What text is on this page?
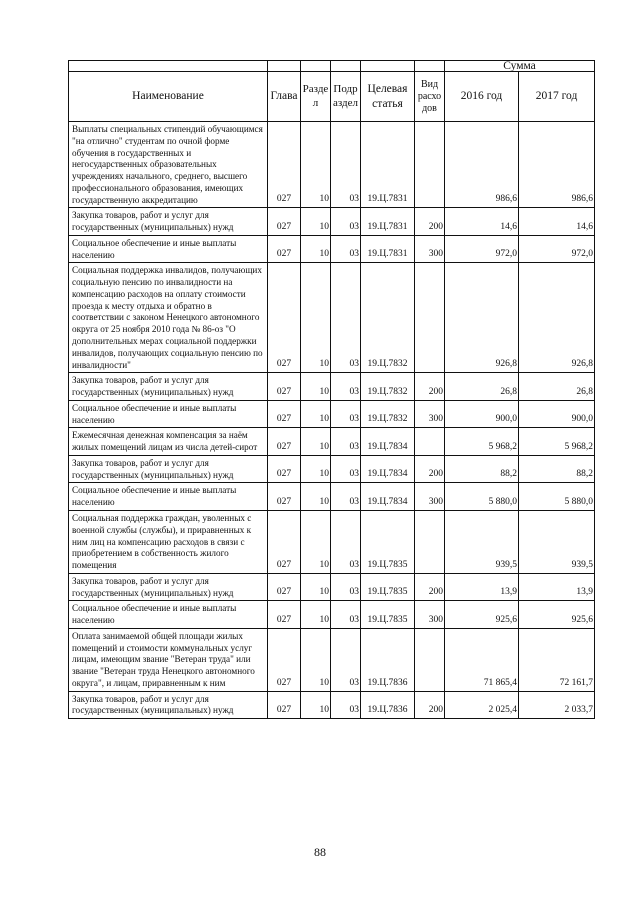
						Сумма	
Наименование	Глава	Разде л	Подр аздел	Целевая статья	Вид расхо дов	2016 год	2017 год
Выплаты специальных стипендий обучающимся "на отлично" студентам по очной форме обучения в государственных и негосударственных образовательных учреждениях начального, среднего, высшего профессионального образования, имеющих государственную аккредитацию	027	10	03	19.Ц.7831		986,6	986,6
Закупка товаров, работ и услуг для государственных (муниципальных) нужд	027	10	03	19.Ц.7831	200	14,6	14,6
Социальное обеспечение и иные выплаты населению	027	10	03	19.Ц.7831	300	972,0	972,0
Социальная поддержка инвалидов, получающих социальную пенсию по инвалидности на компенсацию расходов на оплату стоимости проезда к месту отдыха и обратно в соответствии с законом Ненецкого автономного округа от 25 ноября 2010 года № 86-оз "О дополнительных мерах социальной поддержки инвалидов, получающих социальную пенсию по инвалидности"	027	10	03	19.Ц.7832		926,8	926,8
Закупка товаров, работ и услуг для государственных (муниципальных) нужд	027	10	03	19.Ц.7832	200	26,8	26,8
Социальное обеспечение и иные выплаты населению	027	10	03	19.Ц.7832	300	900,0	900,0
Ежемесячная денежная компенсация за наём жилых помещений лицам из числа детей-сирот	027	10	03	19.Ц.7834		5 968,2	5 968,2
Закупка товаров, работ и услуг для государственных (муниципальных) нужд	027	10	03	19.Ц.7834	200	88,2	88,2
Социальное обеспечение и иные выплаты населению	027	10	03	19.Ц.7834	300	5 880,0	5 880,0
Социальная поддержка граждан, уволенных с военной службы (службы), и приравненных к ним лиц на компенсацию расходов в связи с приобретением в собственность жилого помещения	027	10	03	19.Ц.7835		939,5	939,5
Закупка товаров, работ и услуг для государственных (муниципальных) нужд	027	10	03	19.Ц.7835	200	13,9	13,9
Социальное обеспечение и иные выплаты населению	027	10	03	19.Ц.7835	300	925,6	925,6
Оплата занимаемой общей площади жилых помещений и стоимости коммунальных услуг лицам, имеющим звание "Ветеран труда" или звание "Ветеран труда Ненецкого автономного округа", и лицам, приравненным к ним	027	10	03	19.Ц.7836		71 865,4	72 161,7
Закупка товаров, работ и услуг для государственных (муниципальных) нужд	027	10	03	19.Ц.7836	200	2 025,4	2 033,7
88
